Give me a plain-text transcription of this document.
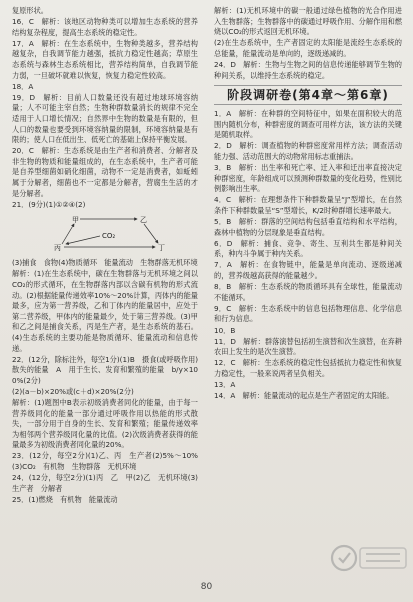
复原形状。

16．C　解析：该地区动物种类可以增加生态系统的营养结构复杂程度，提高生态系统的稳定性。

17．A　解析：在生态系统中，生物种类越多，营养结构越复杂，自我调节能力越强，抵抗力稳定性越高；草原生态系统与森林生态系统相比，营养结构简单，自我调节能力弱，一旦破坏就难以恢复，恢复力稳定性较高。

18．A

19．D　解析：目前人口数量还没有超过地球环境容纳量；人不可能主宰自然；生物种群数量消长的规律不完全适用于人口增长情况；自然界中生物的数量是有限的，但人口的数量也要受到环境容纳量的限制，环境容纳量是有限的；使人口在低出生、低死亡的基础上保持平衡发展。

20．C　解析：生态系统是由生产者和消费者、分解者及非生物的物质和能量组成的，在生态系统中，生产者可能是自养型细菌如硝化细菌，动物不一定是消费者，如蚯蚓属于分解者，细菌也不一定都是分解者，营腐生生活的才是分解者。

21．(9分)(1)①②④(2)

甲	乙
丙	丁
CO₂

(3)捕食　食物(4)物质循环　能量流动　生物群落无机环境

解析：(1)在生态系统中，碳在生物群落与无机环境之间以CO₂的形式循环，在生物群落内部以含碳有机物的形式流动。(2)根据能量传递效率10%～20%计算，丙体内的能量最多，应为第一营养级，乙和丁体内的能量居中，应处于第二营养级，甲体内的能量最少，处于第三营养级。(3)甲和乙之间是捕食关系，丙是生产者，是生态系统的基石。(4)生态系统的主要功能是物质循环、能量流动和信息传递。

22．(12分，除标注外，每空1分)(1)B　摄食(或呼吸作用)散失的能量　A　用于生长、发育和繁殖的能量　b/y×100%(2分)

(2)(a－b)×20%或(c＋d)×20%(2分)

解析：(1)题图中B表示初级消费者同化的能量，由于每一营养级同化的能量一部分通过呼吸作用以热能的形式散失，一部分用于自身的生长、发育和繁殖；能量传递效率为相邻两个营养级同化量的比值。(2)次级消费者获得的能量最多为初级消费者同化量的20%。

23．(12分，每空2分)(1)乙、丙　生产者(2)5%～10%(3)CO₂　有机物　生物群落　无机环境

24．(12分，每空2分)(1)丙　乙　甲(2)乙　无机环境(3)生产者　分解者

25．(1)燃烧　有机物　能量流动

解析：(1)无机环境中的碳一般通过绿色植物的光合作用进入生物群落；生物群落中的碳通过呼吸作用、分解作用和燃烧以CO₂的形式返回无机环境。

(2)在生态系统中，生产者固定的太阳能是流经生态系统的总能量，能量流动是单向的，逐级递减的。

24．D　解析：生物与生物之间的信息传递能够调节生物的种间关系，以维持生态系统的稳定。

阶段调研卷(第4章～第6章)

1．A　解析：在种群的空间特征中，如果在面积较大的范围内随机分布，种群密度的调查可用样方法，该方法的关键是随机取样。

2．D　解析：调查植物的种群密度常用样方法；调查活动能力强、活动范围大的动物常用标志重捕法。

3．B　解析：出生率和死亡率、迁入率和迁出率直接决定种群密度，年龄组成可以预测种群数量的变化趋势，性别比例影响出生率。

4．C　解析：在理想条件下种群数量呈“J”型增长，在自然条件下种群数量呈“S”型增长，K/2时种群增长速率最大。

5．B　解析：群落的空间结构包括垂直结构和水平结构，森林中植物的分层现象是垂直结构。

6．D　解析：捕食、竞争、寄生、互利共生都是种间关系，种内斗争属于种内关系。

7．A　解析：在食物链中，能量是单向流动、逐级递减的，营养级越高获得的能量越少。

8．B　解析：生态系统的物质循环具有全球性，能量流动不能循环。

9．C　解析：生态系统中的信息包括物理信息、化学信息和行为信息。

10．B

11．D　解析：群落演替包括初生演替和次生演替，在弃耕农田上发生的是次生演替。

12．C　解析：生态系统的稳定性包括抵抗力稳定性和恢复力稳定性，一般来说两者呈负相关。

13．A

14．A　解析：能量流动的起点是生产者固定的太阳能。

80
